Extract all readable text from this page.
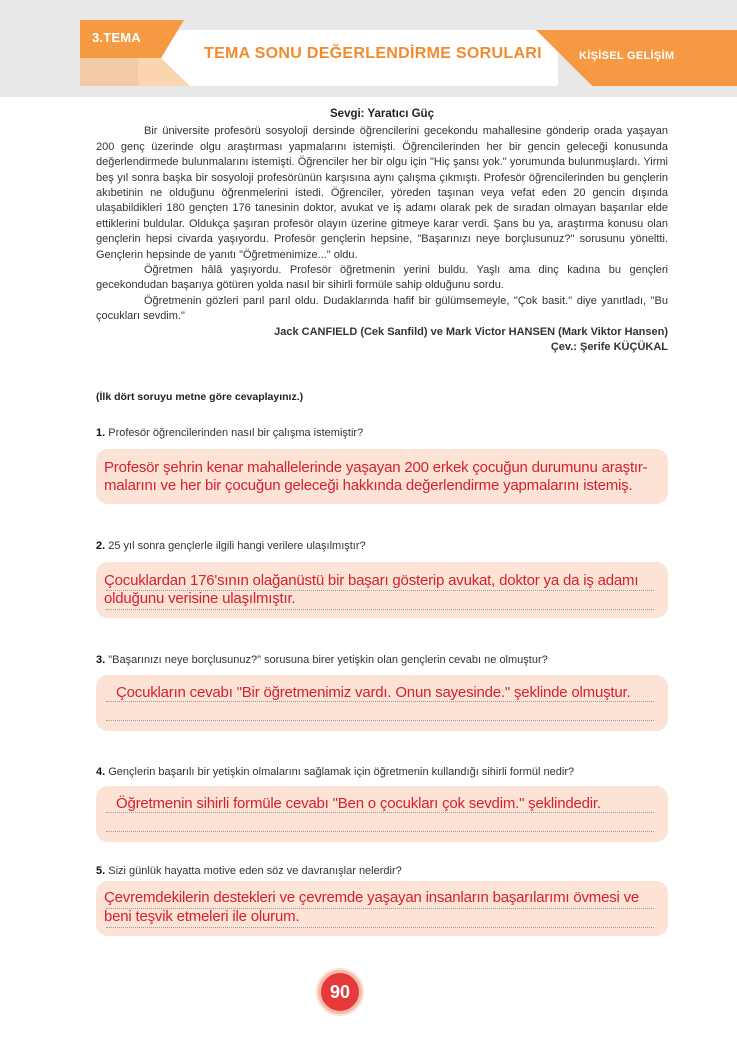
3.TEMA
TEMA SONU DEĞERLENDİRME SORULARI	KİŞİSEL GELİŞİM
Sevgi: Yaratıcı Güç

Bir üniversite profesörü sosyoloji dersinde öğrencilerini gecekondu mahallesine gönderip orada yaşayan 200 genç üzerinde olgu araştırması yapmalarını istemişti. Öğrencilerinden her bir gencin geleceği konusunda değerlendirmede bulunmalarını istemişti. Öğrenciler her bir olgu için "Hiç şansı yok." yorumunda bulunmuşlardı. Yirmi beş yıl sonra başka bir sosyoloji profesörünün karşısına aynı çalışma çıkmıştı. Profesör öğrencilerinden bu gençlerin akıbetinin ne olduğunu öğrenmelerini istedi. Öğrenciler, yöreden taşınan veya vefat eden 20 gencin dışında ulaşabildikleri 180 gençten 176 tanesinin doktor, avukat ve iş adamı olarak pek de sıradan olmayan başarılar elde ettiklerini buldular. Oldukça şaşıran profesör olayın üzerine gitmeye karar verdi. Şans bu ya, araştırma konusu olan gençlerin hepsi civarda yaşıyordu. Profesör gençlerin hepsine, "Başarınızı neye borçlusunuz?" sorusunu yöneltti. Gençlerin hepsinde de yanıtı "Öğretmenimize..." oldu.

Öğretmen hâlâ yaşıyordu. Profesör öğretmenin yerini buldu. Yaşlı ama dinç kadına bu gençleri gecekondudan başarıya götüren yolda nasıl bir sihirli formüle sahip olduğunu sordu.

Öğretmenin gözleri parıl parıl oldu. Dudaklarında hafif bir gülümsemeyle, "Çok basit." diye yanıtladı, "Bu çocukları sevdim."

Jack CANFIELD (Cek Sanfild) ve Mark Victor HANSEN (Mark Viktor Hansen)
Çev.: Şerife KÜÇÜKAL
(İlk dört soruyu metne göre cevaplayınız.)
1. Profesör öğrencilerinden nasıl bir çalışma istemiştir?
Profesör şehrin kenar mahallelerinde yaşayan 200 erkek çocuğun durumunu araştır-
malarını ve her bir çocuğun geleceği hakkında değerlendirme yapmalarını istemiş.
2. 25 yıl sonra gençlerle ilgili hangi verilere ulaşılmıştır?
Çocuklardan 176'sının olağanüstü bir başarı gösterip avukat, doktor ya da iş adamı
olduğunu verisine ulaşılmıştır.
3. "Başarınızı neye borçlusunuz?" sorusuna birer yetişkin olan gençlerin cevabı ne olmuştur?
Çocukların cevabı "Bir öğretmenimiz vardı. Onun sayesinde." şeklinde olmuştur.
4. Gençlerin başarılı bir yetişkin olmalarını sağlamak için öğretmenin kullandığı sihirli formül nedir?
Öğretmenin sihirli formüle cevabı "Ben o çocukları çok sevdim." şeklindedir.
5. Sizi günlük hayatta motive eden söz ve davranışlar nelerdir?
Çevremdekilerin destekleri ve çevremde yaşayan insanların başarılarımı övmesi ve
beni teşvik etmeleri ile olurum.
90
